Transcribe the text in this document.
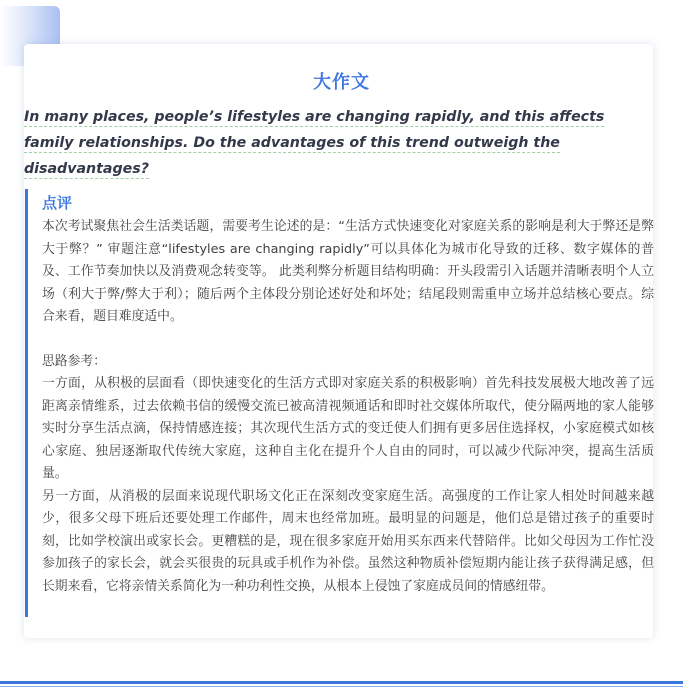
大作文
In many places, people’s lifestyles are changing rapidly, and this affects family relationships. Do the advantages of this trend outweigh the disadvantages?
点评

本次考试聚焦社会生活类话题，需要考生论述的是：“生活方式快速变化对家庭关系的影响是利大于弊还是弊大于弊？” 审题注意“lifestyles are changing rapidly”可以具体化为城市化导致的迁移、数字媒体的普及、工作节奏加快以及消费观念转变等。 此类利弊分析题目结构明确：开头段需引入话题并清晰表明个人立场（利大于弊/弊大于利）；随后两个主体段分别论述好处和坏处；结尾段则需重申立场并总结核心要点。综合来看，题目难度适中。

思路参考：

一方面，从积极的层面看（即快速变化的生活方式即对家庭关系的积极影响）首先科技发展极大地改善了远距离亲情维系，过去依赖书信的缓慢交流已被高清视频通话和即时社交媒体所取代，使分隔两地的家人能够实时分享生活点滴，保持情感连接；其次现代生活方式的变迁使人们拥有更多居住选择权，小家庭模式如核心家庭、独居逐渐取代传统大家庭，这种自主化在提升个人自由的同时，可以减少代际冲突，提高生活质量。

另一方面，从消极的层面来说现代职场文化正在深刻改变家庭生活。高强度的工作让家人相处时间越来越少，很多父母下班后还要处理工作邮件，周末也经常加班。最明显的问题是，他们总是错过孩子的重要时刻，比如学校演出或家长会。更糟糕的是，现在很多家庭开始用买东西来代替陪伴。比如父母因为工作忙没参加孩子的家长会，就会买很贵的玩具或手机作为补偿。虽然这种物质补偿短期内能让孩子获得满足感，但长期来看，它将亲情关系简化为一种功利性交换，从根本上侵蚀了家庭成员间的情感纽带。
